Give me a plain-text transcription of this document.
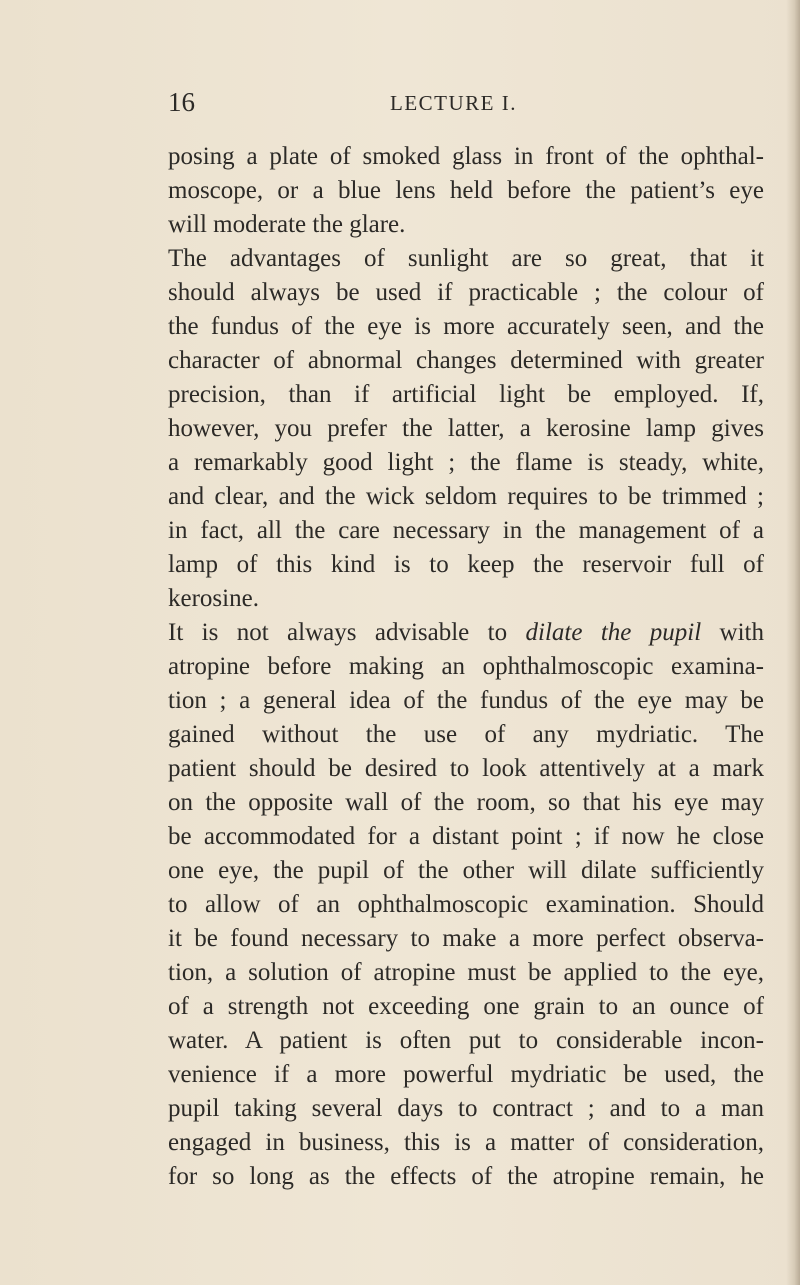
16	LECTURE I.
posing a plate of smoked glass in front of the ophthal-
moscope, or a blue lens held before the patient’s eye
will moderate the glare.
The advantages of sunlight are so great, that it
should always be used if practicable ; the colour of
the fundus of the eye is more accurately seen, and the
character of abnormal changes determined with greater
precision, than if artificial light be employed. If,
however, you prefer the latter, a kerosine lamp gives
a remarkably good light ; the flame is steady, white,
and clear, and the wick seldom requires to be trimmed ;
in fact, all the care necessary in the management of a
lamp of this kind is to keep the reservoir full of
kerosine.
It is not always advisable to dilate the pupil with
atropine before making an ophthalmoscopic examina-
tion ; a general idea of the fundus of the eye may be
gained without the use of any mydriatic. The
patient should be desired to look attentively at a mark
on the opposite wall of the room, so that his eye may
be accommodated for a distant point ; if now he close
one eye, the pupil of the other will dilate sufficiently
to allow of an ophthalmoscopic examination. Should
it be found necessary to make a more perfect observa-
tion, a solution of atropine must be applied to the eye,
of a strength not exceeding one grain to an ounce of
water. A patient is often put to considerable incon-
venience if a more powerful mydriatic be used, the
pupil taking several days to contract ; and to a man
engaged in business, this is a matter of consideration,
for so long as the effects of the atropine remain, he
